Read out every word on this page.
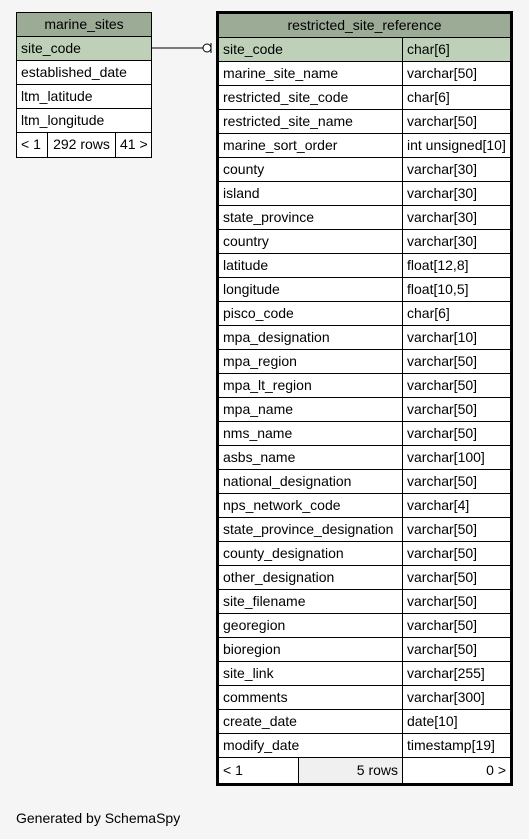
marine_sites
site_code
established_date
ltm_latitude
ltm_longitude
< 1 292 rows 41 >
restricted_site_reference
site_code	char[6]
marine_site_name	varchar[50]
restricted_site_code	char[6]
restricted_site_name	varchar[50]
marine_sort_order	int unsigned[10]
county	varchar[30]
island	varchar[30]
state_province	varchar[30]
country	varchar[30]
latitude	float[12,8]
longitude	float[10,5]
pisco_code	char[6]
mpa_designation	varchar[10]
mpa_region	varchar[50]
mpa_lt_region	varchar[50]
mpa_name	varchar[50]
nms_name	varchar[50]
asbs_name	varchar[100]
national_designation	varchar[50]
nps_network_code	varchar[4]
state_province_designation varchar[50]
county_designation	varchar[50]
other_designation	varchar[50]
site_filename	varchar[50]
georegion	varchar[50]
bioregion	varchar[50]
site_link	varchar[255]
comments	varchar[300]
create_date	date[10]
modify_date	timestamp[19]
< 1	5 rows	0 >
Generated by SchemaSpy
